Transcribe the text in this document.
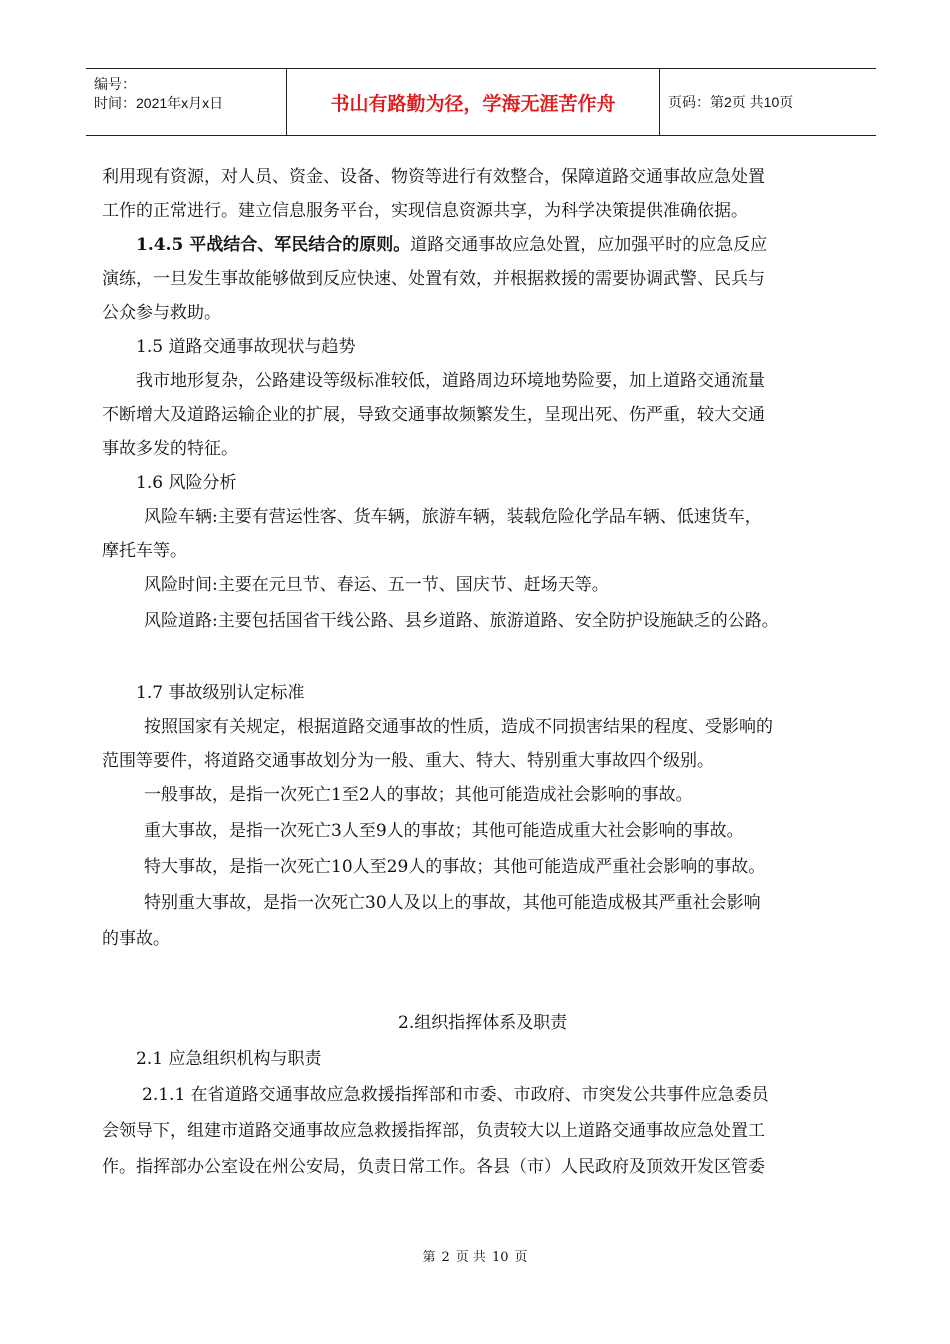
编号：
时间：2021年x月x日	书山有路勤为径，学海无涯苦作舟	页码：第2页 共10页
利用现有资源，对人员、资金、设备、物资等进行有效整合，保障道路交通事故应急处置
工作的正常进行。建立信息服务平台，实现信息资源共享，为科学决策提供准确依据。
1.4.5 平战结合、军民结合的原则。道路交通事故应急处置，应加强平时的应急反应
演练，一旦发生事故能够做到反应快速、处置有效，并根据救援的需要协调武警、民兵与
公众参与救助。
1.5 道路交通事故现状与趋势
我市地形复杂，公路建设等级标准较低，道路周边环境地势险要，加上道路交通流量
不断增大及道路运输企业的扩展，导致交通事故频繁发生，呈现出死、伤严重，较大交通
事故多发的特征。
1.6 风险分析
风险车辆:主要有营运性客、货车辆，旅游车辆，装载危险化学品车辆、低速货车，
摩托车等。
风险时间:主要在元旦节、春运、五一节、国庆节、赶场天等。
风险道路:主要包括国省干线公路、县乡道路、旅游道路、安全防护设施缺乏的公路。
1.7 事故级别认定标准
按照国家有关规定，根据道路交通事故的性质，造成不同损害结果的程度、受影响的
范围等要件，将道路交通事故划分为一般、重大、特大、特别重大事故四个级别。
一般事故，是指一次死亡1至2人的事故；其他可能造成社会影响的事故。
重大事故，是指一次死亡3人至9人的事故；其他可能造成重大社会影响的事故。
特大事故，是指一次死亡10人至29人的事故；其他可能造成严重社会影响的事故。
特别重大事故，是指一次死亡30人及以上的事故，其他可能造成极其严重社会影响
的事故。
2.组织指挥体系及职责
2.1 应急组织机构与职责
2.1.1 在省道路交通事故应急救援指挥部和市委、市政府、市突发公共事件应急委员
会领导下，组建市道路交通事故应急救援指挥部，负责较大以上道路交通事故应急处置工
作。指挥部办公室设在州公安局，负责日常工作。各县（市）人民政府及顶效开发区管委
第 2 页 共 10 页
